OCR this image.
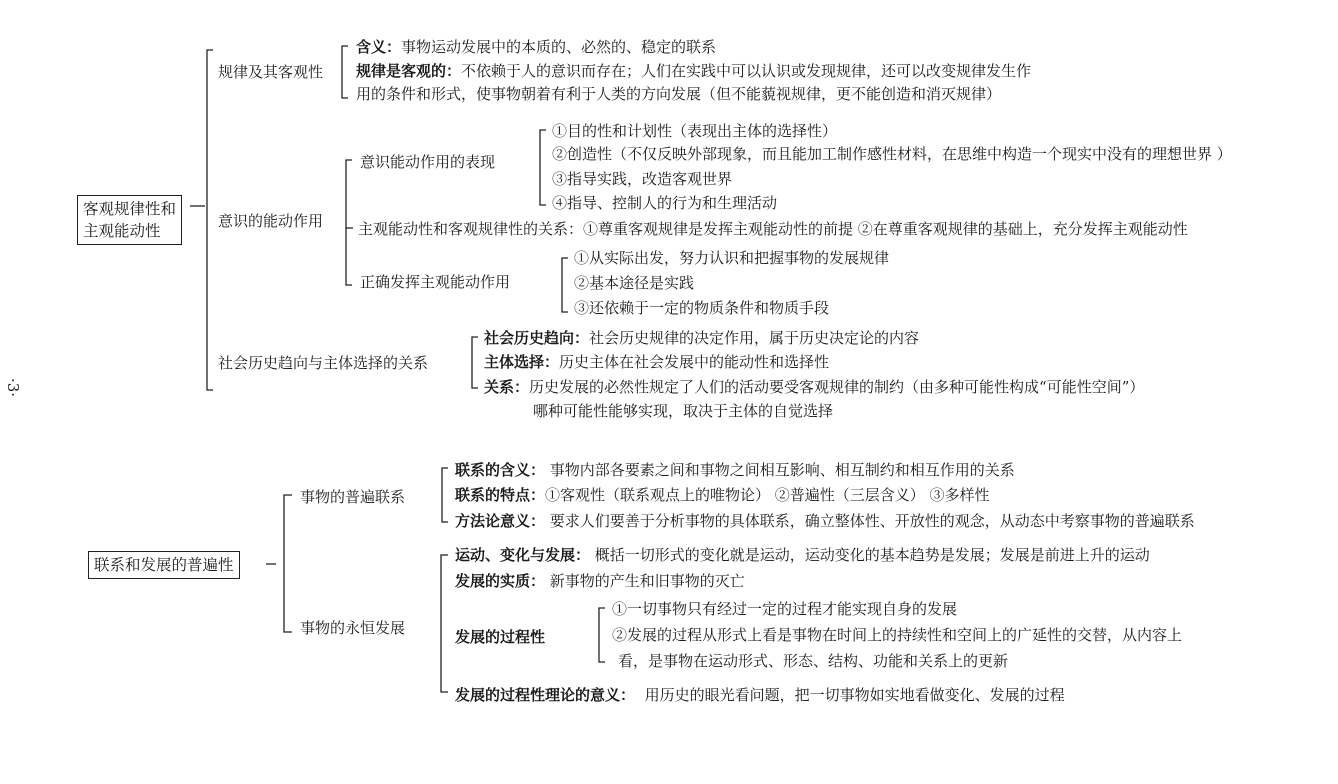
·3·
客观规律性和
主观能动性
规律及其客观性
含义：事物运动发展中的本质的、必然的、稳定的联系
规律是客观的：不依赖于人的意识而存在；人们在实践中可以认识或发现规律，还可以改变规律发生作
用的条件和形式，使事物朝着有利于人类的方向发展（但不能藐视规律，更不能创造和消灭规律）
意识的能动作用
意识能动作用的表现
①目的性和计划性（表现出主体的选择性）
②创造性（不仅反映外部现象，而且能加工制作感性材料，在思维中构造一个现实中没有的理想世界 ）
③指导实践，改造客观世界
④指导、控制人的行为和生理活动
主观能动性和客观规律性的关系：①尊重客观规律是发挥主观能动性的前提 ②在尊重客观规律的基础上，充分发挥主观能动性
正确发挥主观能动作用
①从实际出发，努力认识和把握事物的发展规律
②基本途径是实践
③还依赖于一定的物质条件和物质手段
社会历史趋向与主体选择的关系
社会历史趋向：社会历史规律的决定作用，属于历史决定论的内容
主体选择：历史主体在社会发展中的能动性和选择性
关系：历史发展的必然性规定了人们的活动要受客观规律的制约（由多种可能性构成“可能性空间”）
哪种可能性能够实现，取决于主体的自觉选择
联系和发展的普遍性
事物的普遍联系
联系的含义： 事物内部各要素之间和事物之间相互影响、相互制约和相互作用的关系
联系的特点：①客观性（联系观点上的唯物论） ②普遍性（三层含义） ③多样性
方法论意义： 要求人们要善于分析事物的具体联系，确立整体性、开放性的观念，从动态中考察事物的普遍联系
事物的永恒发展
运动、变化与发展： 概括一切形式的变化就是运动，运动变化的基本趋势是发展；发展是前进上升的运动
发展的实质： 新事物的产生和旧事物的灭亡
发展的过程性
①一切事物只有经过一定的过程才能实现自身的发展
②发展的过程从形式上看是事物在时间上的持续性和空间上的广延性的交替，从内容上
看，是事物在运动形式、形态、结构、功能和关系上的更新
发展的过程性理论的意义： 用历史的眼光看问题，把一切事物如实地看做变化、发展的过程
